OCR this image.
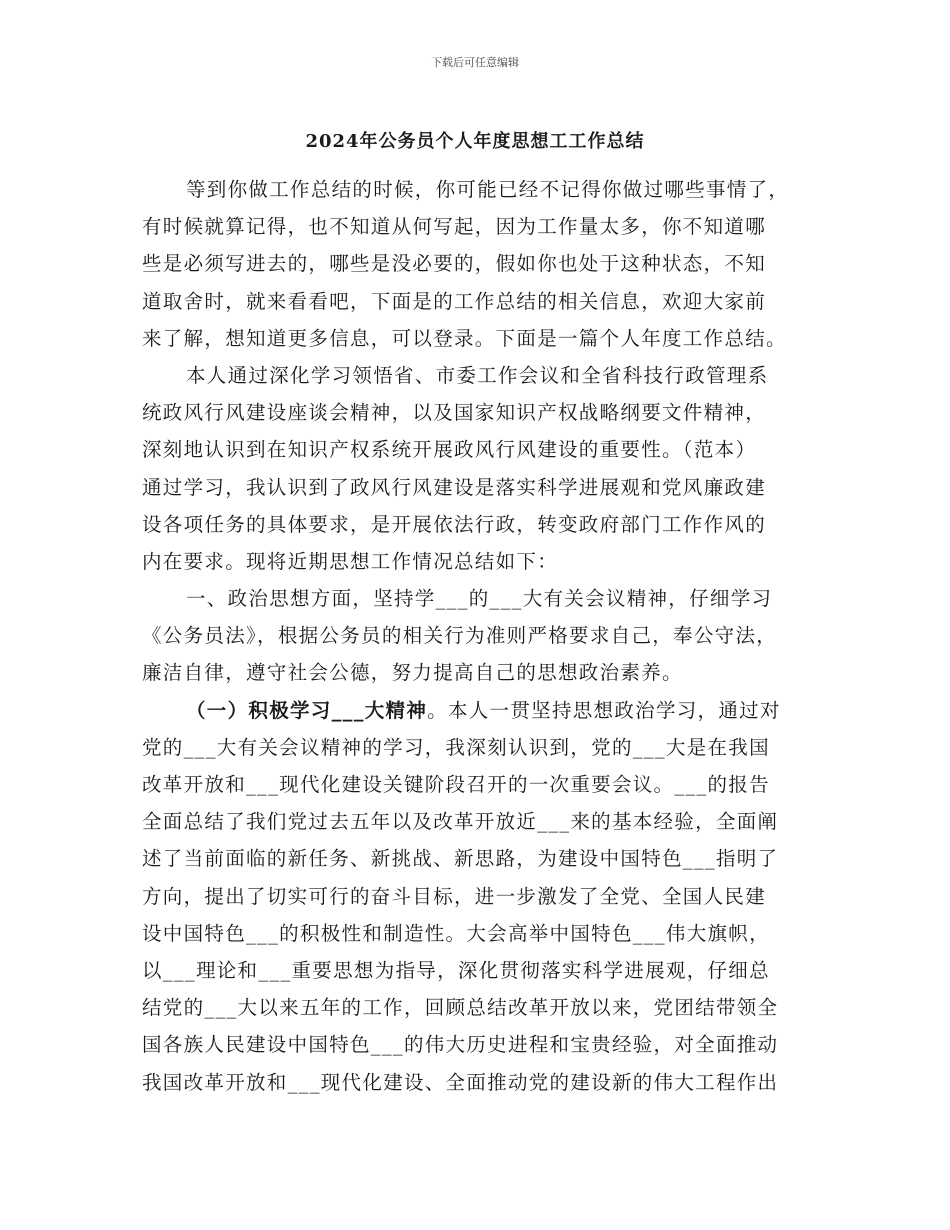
下载后可任意编辑
2024年公务员个人年度思想工工作总结
等到你做工作总结的时候，你可能已经不记得你做过哪些事情了，
有时候就算记得，也不知道从何写起，因为工作量太多，你不知道哪
些是必须写进去的，哪些是没必要的，假如你也处于这种状态，不知
道取舍时，就来看看吧，下面是的工作总结的相关信息，欢迎大家前
来了解，想知道更多信息，可以登录。下面是一篇个人年度工作总结。
本人通过深化学习领悟省、市委工作会议和全省科技行政管理系
统政风行风建设座谈会精神，以及国家知识产权战略纲要文件精神，
深刻地认识到在知识产权系统开展政风行风建设的重要性。（范本）
通过学习，我认识到了政风行风建设是落实科学进展观和党风廉政建
设各项任务的具体要求，是开展依法行政，转变政府部门工作作风的
内在要求。现将近期思想工作情况总结如下：
一、政治思想方面，坚持学___的___大有关会议精神，仔细学习
《公务员法》，根据公务员的相关行为准则严格要求自己，奉公守法，
廉洁自律，遵守社会公德，努力提高自己的思想政治素养。
（一）积极学习___大精神。本人一贯坚持思想政治学习，通过对
党的___大有关会议精神的学习，我深刻认识到，党的___大是在我国
改革开放和___现代化建设关键阶段召开的一次重要会议。___的报告
全面总结了我们党过去五年以及改革开放近___来的基本经验，全面阐
述了当前面临的新任务、新挑战、新思路，为建设中国特色___指明了
方向，提出了切实可行的奋斗目标，进一步激发了全党、全国人民建
设中国特色___的积极性和制造性。大会高举中国特色___伟大旗帜，
以___理论和___重要思想为指导，深化贯彻落实科学进展观，仔细总
结党的___大以来五年的工作，回顾总结改革开放以来，党团结带领全
国各族人民建设中国特色___的伟大历史进程和宝贵经验，对全面推动
我国改革开放和___现代化建设、全面推动党的建设新的伟大工程作出
